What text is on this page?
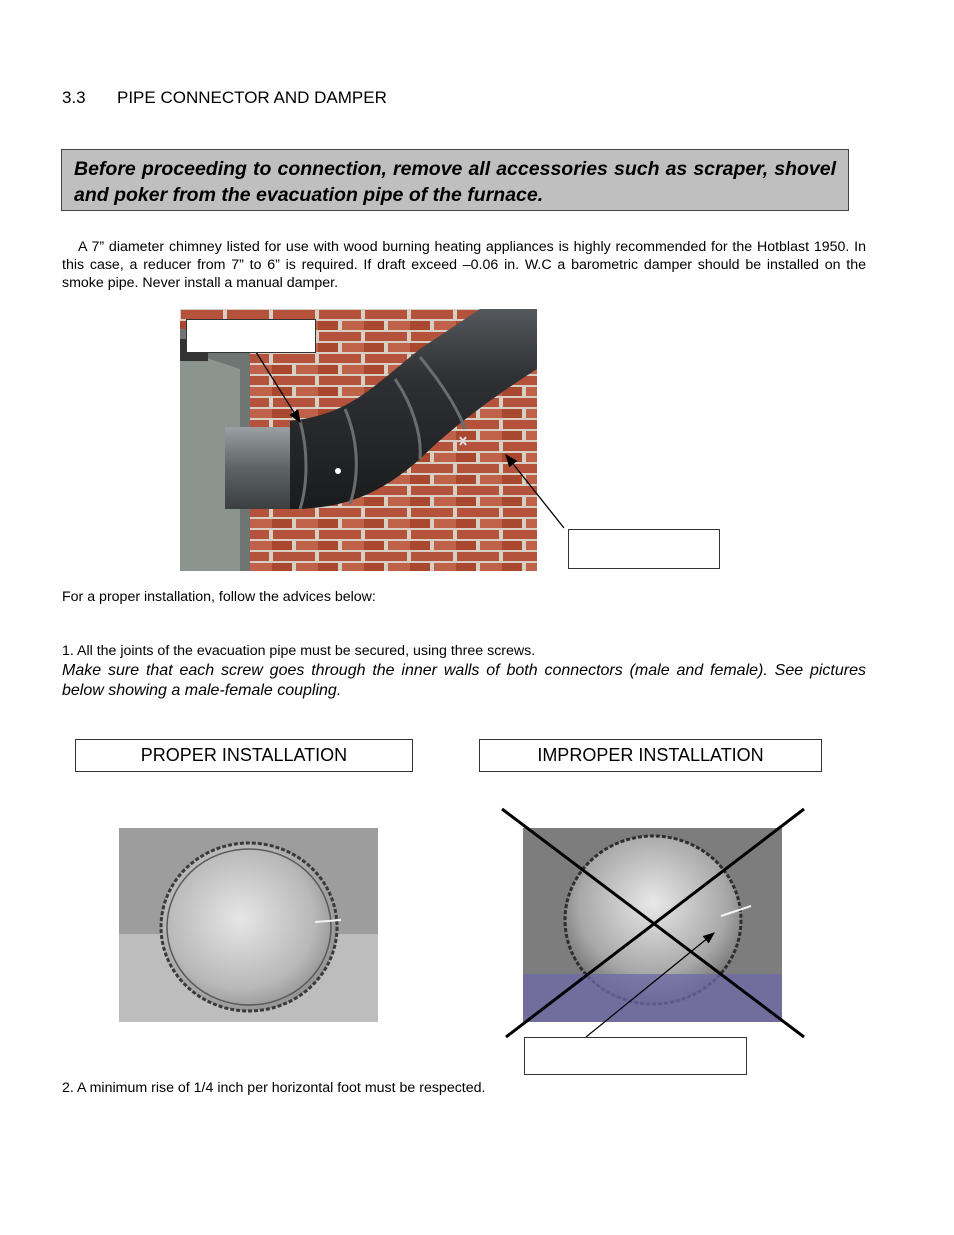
3.3 PIPE CONNECTOR AND DAMPER
Before proceeding to connection, remove all accessories such as scraper, shovel and poker from the evacuation pipe of the furnace.
A 7” diameter chimney listed for use with wood burning heating appliances is highly recommended for the Hotblast 1950. In this case, a reducer from 7” to 6” is required. If draft exceed –0.06 in. W.C a barometric damper should be installed on the smoke pipe. Never install a manual damper.
For a proper installation, follow the advices below:
1. All the joints of the evacuation pipe must be secured, using three screws.
Make sure that each screw goes through the inner walls of both connectors (male and female). See pictures below showing a male-female coupling.
PROPER INSTALLATION	IMPROPER INSTALLATION
2. A minimum rise of 1/4 inch per horizontal foot must be respected.
